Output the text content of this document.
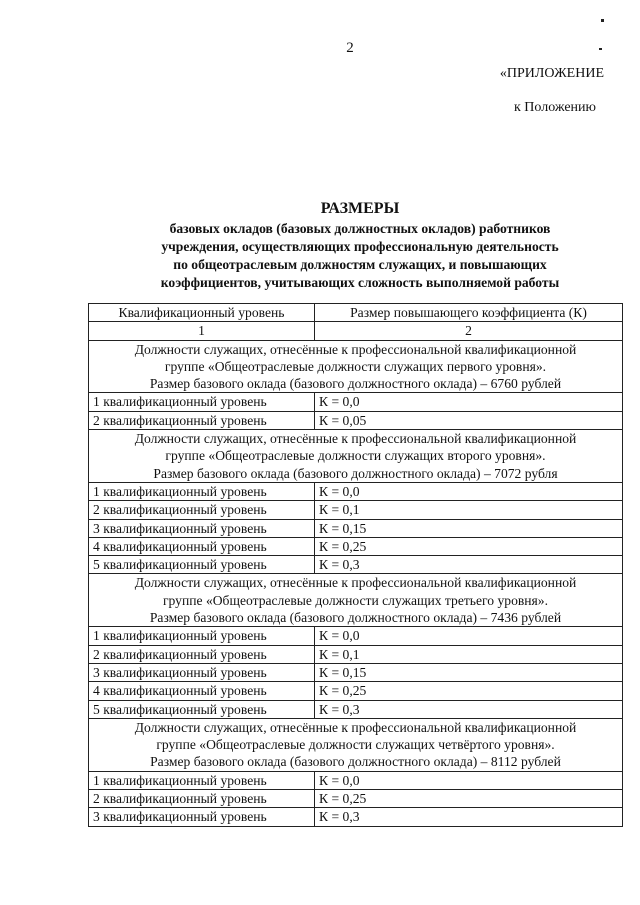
2
«ПРИЛОЖЕНИЕ
к Положению
РАЗМЕРЫ
базовых окладов (базовых должностных окладов) работников
учреждения, осуществляющих профессиональную деятельность
по общеотраслевым должностям служащих, и повышающих
коэффициентов, учитывающих сложность выполняемой работы
Квалификационный уровень	Размер повышающего коэффициента (К)
1	2

Должности служащих, отнесённые к профессиональной квалификационной
группе «Общеотраслевые должности служащих первого уровня».
Размер базового оклада (базового должностного оклада) – 6760 рублей	

1 квалификационный уровень	К = 0,0
2 квалификационный уровень	К = 0,05

Должности служащих, отнесённые к профессиональной квалификационной
группе «Общеотраслевые должности служащих второго уровня».
Размер базового оклада (базового должностного оклада) – 7072 рубля	

1 квалификационный уровень	К = 0,0
2 квалификационный уровень	К = 0,1
3 квалификационный уровень	К = 0,15
4 квалификационный уровень	К = 0,25
5 квалификационный уровень	К = 0,3

Должности служащих, отнесённые к профессиональной квалификационной
группе «Общеотраслевые должности служащих третьего уровня».
Размер базового оклада (базового должностного оклада) – 7436 рублей	

1 квалификационный уровень	К = 0,0
2 квалификационный уровень	К = 0,1
3 квалификационный уровень	К = 0,15
4 квалификационный уровень	К = 0,25
5 квалификационный уровень	К = 0,3

Должности служащих, отнесённые к профессиональной квалификационной
группе «Общеотраслевые должности служащих четвёртого уровня».
Размер базового оклада (базового должностного оклада) – 8112 рублей	

1 квалификационный уровень	К = 0,0
2 квалификационный уровень	К = 0,25
3 квалификационный уровень	К = 0,3
